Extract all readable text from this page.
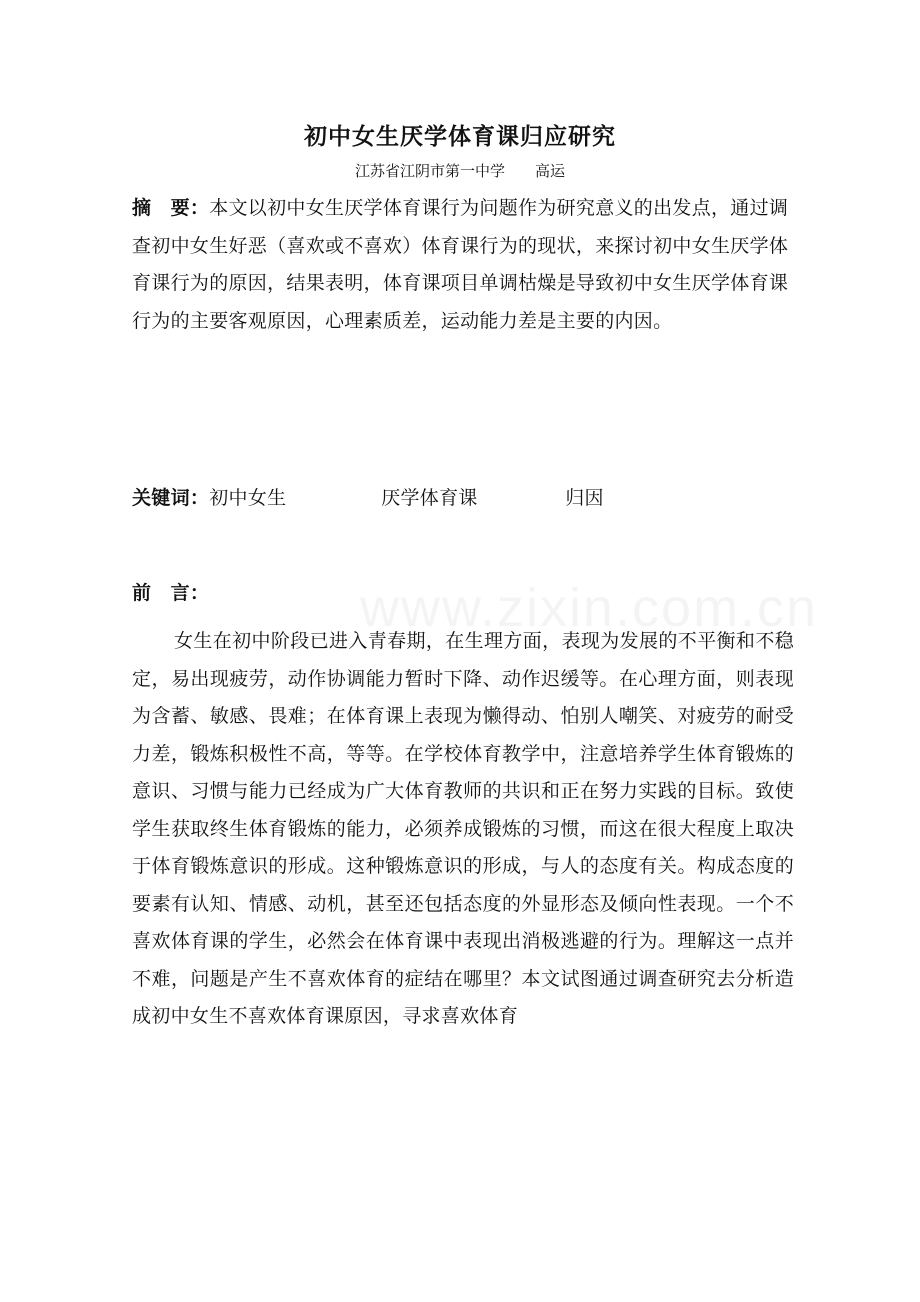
初中女生厌学体育课归应研究
江苏省江阴市第一中学 高运
摘　要：本文以初中女生厌学体育课行为问题作为研究意义的出发点，通过调查初中女生好恶（喜欢或不喜欢）体育课行为的现状，来探讨初中女生厌学体育课行为的原因，结果表明，体育课项目单调枯燥是导致初中女生厌学体育课行为的主要客观原因，心理素质差，运动能力差是主要的内因。
关键词：初中女生	厌学体育课	归因
前　言：
女生在初中阶段已进入青春期，在生理方面，表现为发展的不平衡和不稳定，易出现疲劳，动作协调能力暂时下降、动作迟缓等。在心理方面，则表现为含蓄、敏感、畏难；在体育课上表现为懒得动、怕别人嘲笑、对疲劳的耐受力差，锻炼积极性不高，等等。在学校体育教学中，注意培养学生体育锻炼的意识、习惯与能力已经成为广大体育教师的共识和正在努力实践的目标。致使学生获取终生体育锻炼的能力，必须养成锻炼的习惯，而这在很大程度上取决于体育锻炼意识的形成。这种锻炼意识的形成，与人的态度有关。构成态度的要素有认知、情感、动机，甚至还包括态度的外显形态及倾向性表现。一个不喜欢体育课的学生，必然会在体育课中表现出消极逃避的行为。理解这一点并不难，问题是产生不喜欢体育的症结在哪里？本文试图通过调查研究去分析造成初中女生不喜欢体育课原因，寻求喜欢体育
